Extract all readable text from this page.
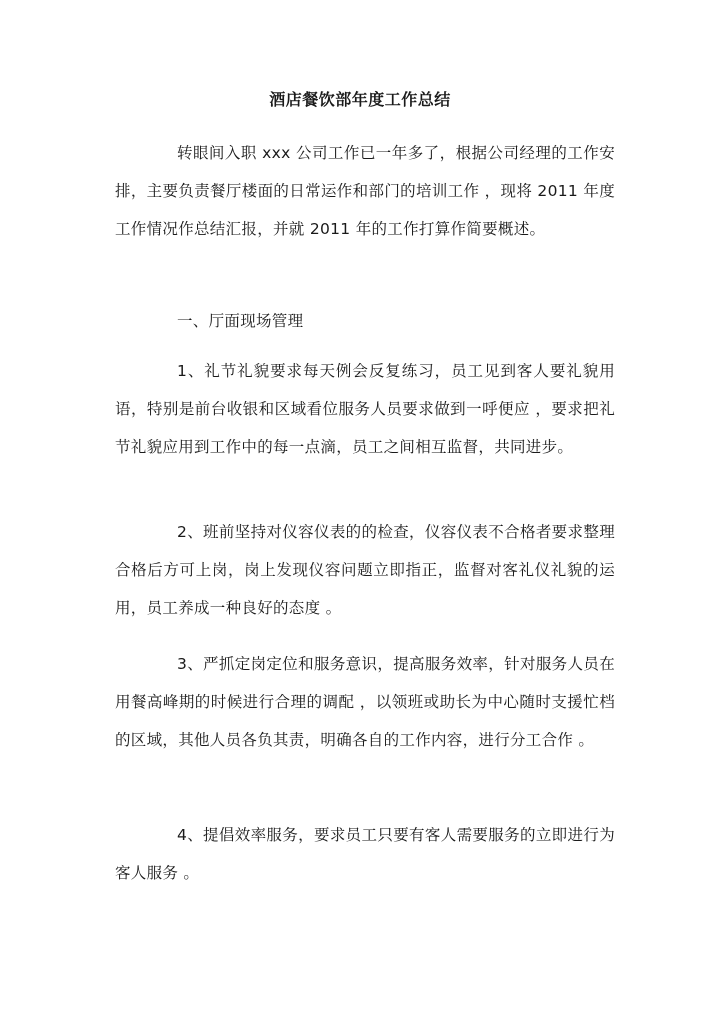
酒店餐饮部年度工作总结

转眼间入职 xxx 公司工作已一年多了，根据公司经理的工作安排，主要负责餐厅楼面的日常运作和部门的培训工作 ，现将 2011 年度工作情况作总结汇报，并就 2011 年的工作打算作简要概述。

一、厅面现场管理

1、礼节礼貌要求每天例会反复练习，员工见到客人要礼貌用语，特别是前台收银和区域看位服务人员要求做到一呼便应 ，要求把礼节礼貌应用到工作中的每一点滴，员工之间相互监督，共同进步。

2、班前坚持对仪容仪表的的检查，仪容仪表不合格者要求整理合格后方可上岗，岗上发现仪容问题立即指正，监督对客礼仪礼貌的运用，员工养成一种良好的态度 。

3、严抓定岗定位和服务意识，提高服务效率，针对服务人员在用餐高峰期的时候进行合理的调配 ，以领班或助长为中心随时支援忙档的区域，其他人员各负其责，明确各自的工作内容，进行分工合作 。

4、提倡效率服务，要求员工只要有客人需要服务的立即进行为客人服务 。
